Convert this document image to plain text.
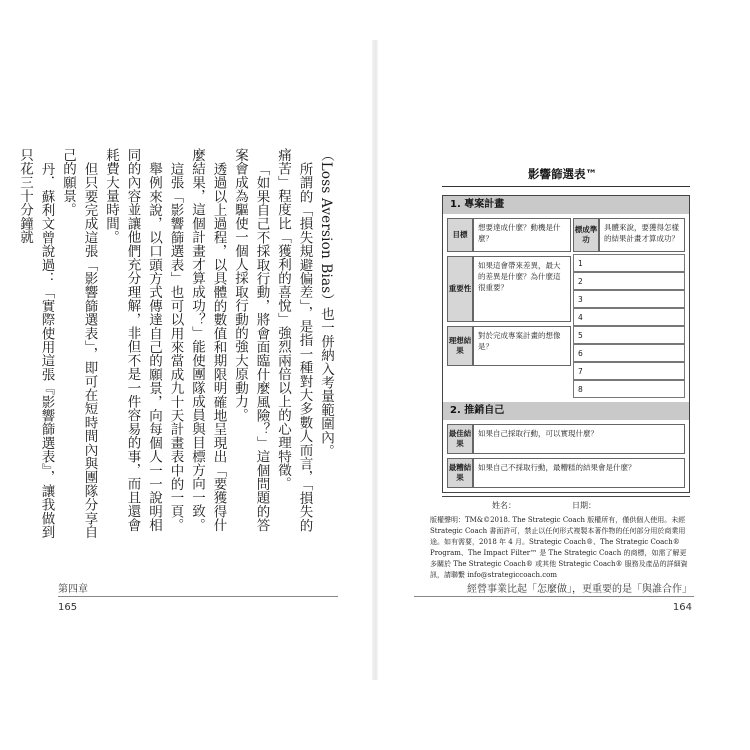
（Loss Aversion Bias）也一併納入考量範圍內。

所謂的「損失規避偏差」，是指一種對大多數人而言，「損失的痛苦」程度比「獲利的喜悅」強烈兩倍以上的心理特徵。

「如果自己不採取行動，將會面臨什麼風險？」這個問題的答案會成為驅使一個人採取行動的強大原動力。

透過以上過程，以具體的數值和期限明確地呈現出「要獲得什麼結果，這個計畫才算成功？」能使團隊成員與目標方向一致。

這張「影響篩選表」也可以用來當成九十天計畫表中的一頁。

舉例來說，以口頭方式傳達自己的願景，向每個人一一說明相同的內容並讓他們充分理解，非但不是一件容易的事，而且還會耗費大量時間。

但只要完成這張「影響篩選表」，即可在短時間內與團隊分享自己的願景。

丹．蘇利文曾說過：「實際使用這張『影響篩選表』，讓我做到只花三十分鐘就

第四章
165
影響篩選表™
1. 專案計畫
目標
想要達成什麼？動機是什麼？
標成準功
具體來說，要獲得怎樣的結果計畫才算成功？
重要性
如果這會帶來差異，最大的差異是什麼？為什麼這很重要？
理想結果
對於完成專案計畫的想像是？
1
2
3
4
5
6
7
8
2. 推銷自己
最佳結果
如果自己採取行動，可以實現什麼？
最糟結果
如果自己不採取行動，最糟糕的結果會是什麼？
姓名：	日期：
版權聲明：TM&©2018. The Strategic Coach 版權所有，僅供個人使用。未經 Strategic Coach 書面許可，禁止以任何形式複製本著作物的任何部分用於商業用途。如有需要，2018 年 4 月。Strategic Coach®、The Strategic Coach® Program、The Impact Filter™ 是 The Strategic Coach 的商標，如需了解更多關於 The Strategic Coach® 或其他 Strategic Coach® 服務及產品的詳細資訊，請聯繫 info@strategiccoach.com
經營事業比起「怎麼做」，更重要的是「與誰合作」
164
